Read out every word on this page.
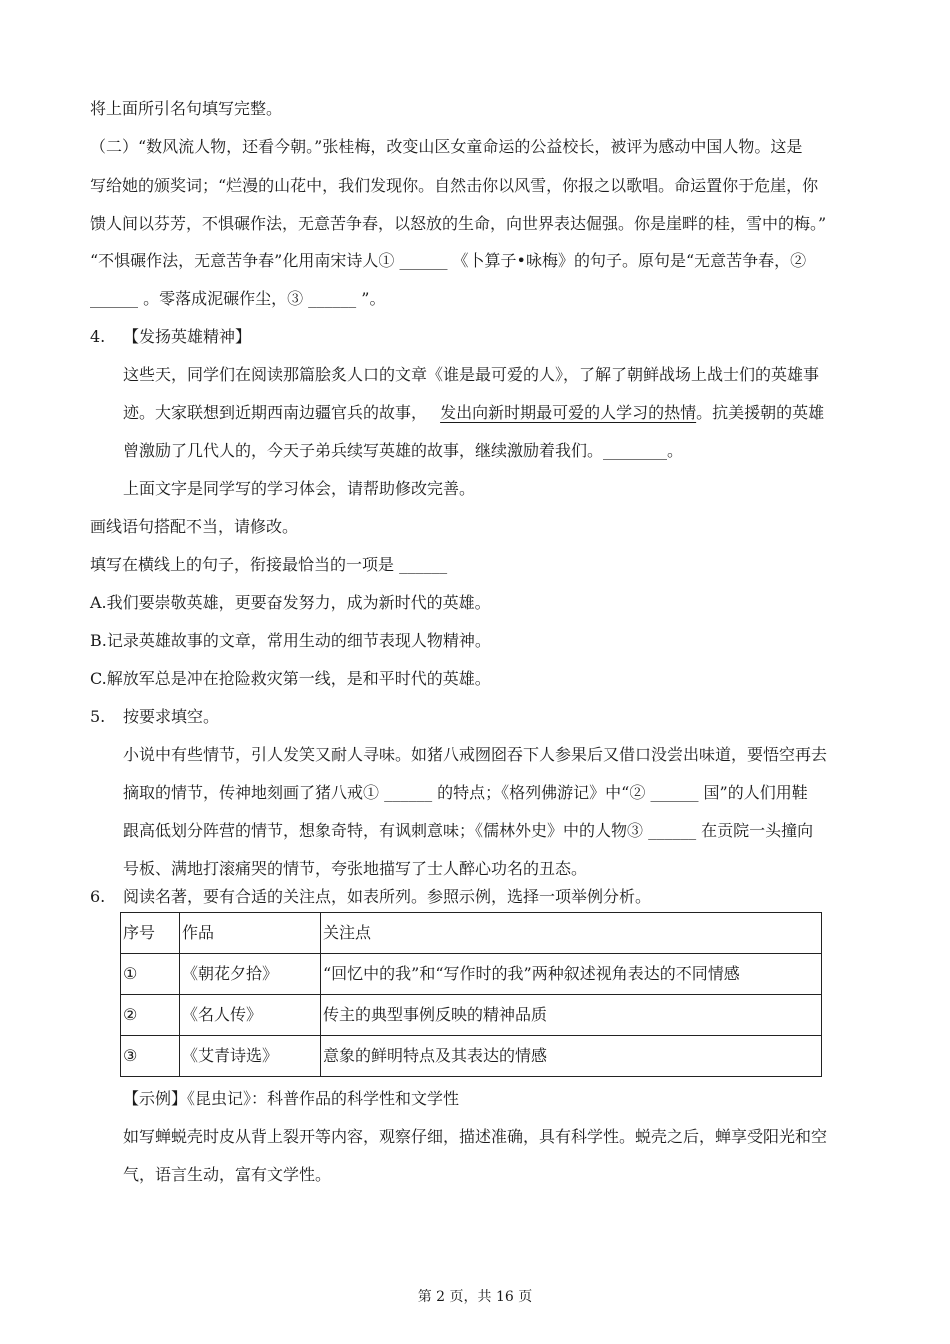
将上面所引名句填写完整。
（二）“数风流人物，还看今朝。”张桂梅，改变山区女童命运的公益校长，被评为感动中国人物。这是
写给她的颁奖词；“烂漫的山花中，我们发现你。自然击你以风雪，你报之以歌唱。命运置你于危崖，你
馈人间以芬芳，不惧碾作法，无意苦争春，以怒放的生命，向世界表达倔强。你是崖畔的桂，雪中的梅。”
“不惧碾作法，无意苦争春”化用南宋诗人① ______ 《卜算子•咏梅》的句子。原句是“无意苦争春，②
______ 。零落成泥碾作尘，③ ______ ”。
4. 【发扬英雄精神】
这些天，同学们在阅读那篇脍炙人口的文章《谁是最可爱的人》，了解了朝鲜战场上战士们的英雄事
迹。大家联想到近期西南边疆官兵的故事， 发出向新时期最可爱的人学习的热情。抗美援朝的英雄
曾激励了几代人的，今天子弟兵续写英雄的故事，继续激励着我们。________。
上面文字是同学写的学习体会，请帮助修改完善。
画线语句搭配不当，请修改。
填写在横线上的句子，衔接最恰当的一项是 ______
A.我们要崇敬英雄，更要奋发努力，成为新时代的英雄。
B.记录英雄故事的文章，常用生动的细节表现人物精神。
C.解放军总是冲在抢险救灾第一线，是和平时代的英雄。
5. 按要求填空。
小说中有些情节，引人发笑又耐人寻味。如猪八戒囫囵吞下人参果后又借口没尝出味道，要悟空再去
摘取的情节，传神地刻画了猪八戒① ______ 的特点；《格列佛游记》中“② ______ 国”的人们用鞋
跟高低划分阵营的情节，想象奇特，有讽刺意味；《儒林外史》中的人物③ ______ 在贡院一头撞向
号板、满地打滚痛哭的情节，夸张地描写了士人醉心功名的丑态。
6. 阅读名著，要有合适的关注点，如表所列。参照示例，选择一项举例分析。
序号	作品	关注点
①	《朝花夕拾》	“回忆中的我”和“写作时的我”两种叙述视角表达的不同情感
②	《名人传》	传主的典型事例反映的精神品质
③	《艾青诗选》	意象的鲜明特点及其表达的情感
【示例】《昆虫记》：科普作品的科学性和文学性
如写蝉蜕壳时皮从背上裂开等内容，观察仔细，描述准确，具有科学性。蜕壳之后，蝉享受阳光和空
气，语言生动，富有文学性。
第 2 页，共 16 页
